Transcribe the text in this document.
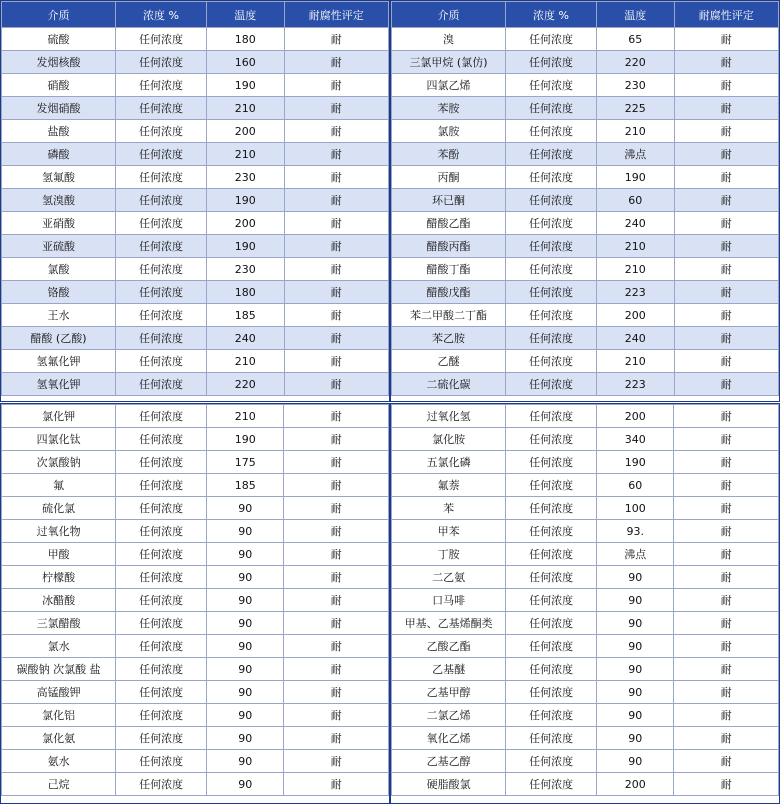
介质	浓度 %	温度	耐腐性评定
硫酸	任何浓度	180	耐
发烟核酸	任何浓度	160	耐
硝酸	任何浓度	190	耐
发烟硝酸	任何浓度	210	耐
盐酸	任何浓度	200	耐
磷酸	任何浓度	210	耐
氢氟酸	任何浓度	230	耐
氢溴酸	任何浓度	190	耐
亚硝酸	任何浓度	200	耐
亚硫酸	任何浓度	190	耐
氯酸	任何浓度	230	耐
铬酸	任何浓度	180	耐
王水	任何浓度	185	耐
醋酸 (乙酸)	任何浓度	240	耐
氢氟化钾	任何浓度	210	耐
氢氧化钾	任何浓度	220	耐
介质	浓度 %	温度	耐腐性评定
溴	任何浓度	65	耐
三氯甲烷 (氯仿)	任何浓度	220	耐
四氯乙烯	任何浓度	230	耐
苯胺	任何浓度	225	耐
氯胺	任何浓度	210	耐
苯酚	任何浓度	沸点	耐
丙酮	任何浓度	190	耐
环已酮	任何浓度	60	耐
醋酸乙酯	任何浓度	240	耐
醋酸丙酯	任何浓度	210	耐
醋酸丁酯	任何浓度	210	耐
醋酸戊酯	任何浓度	223	耐
苯二甲酸二丁酯	任何浓度	200	耐
苯乙胺	任何浓度	240	耐
乙醚	任何浓度	210	耐
二硫化碳	任何浓度	223	耐
氯化钾	任何浓度	210	耐
四氯化钛	任何浓度	190	耐
次氯酸钠	任何浓度	175	耐
氟	任何浓度	185	耐
硫化氯	任何浓度	90	耐
过氧化物	任何浓度	90	耐
甲酸	任何浓度	90	耐
柠檬酸	任何浓度	90	耐
冰醋酸	任何浓度	90	耐
三氯醋酸	任何浓度	90	耐
氯水	任何浓度	90	耐
碳酸钠 次氯酸 盐	任何浓度	90	耐
高锰酸钾	任何浓度	90	耐
氯化铝	任何浓度	90	耐
氯化氨	任何浓度	90	耐
氨水	任何浓度	90	耐
己烷	任何浓度	90	耐
过氧化氢	任何浓度	200	耐
氯化胺	任何浓度	340	耐
五氯化磷	任何浓度	190	耐
氟萘	任何浓度	60	耐
苯	任何浓度	100	耐
甲苯	任何浓度	93.	耐
丁胺	任何浓度	沸点	耐
二乙氨	任何浓度	90	耐
口马啡	任何浓度	90	耐
甲基、乙基烯酮类	任何浓度	90	耐
乙酸乙酯	任何浓度	90	耐
乙基醚	任何浓度	90	耐
乙基甲醇	任何浓度	90	耐
二氯乙烯	任何浓度	90	耐
氧化乙烯	任何浓度	90	耐
乙基乙醇	任何浓度	90	耐
硬脂酸氯	任何浓度	200	耐
